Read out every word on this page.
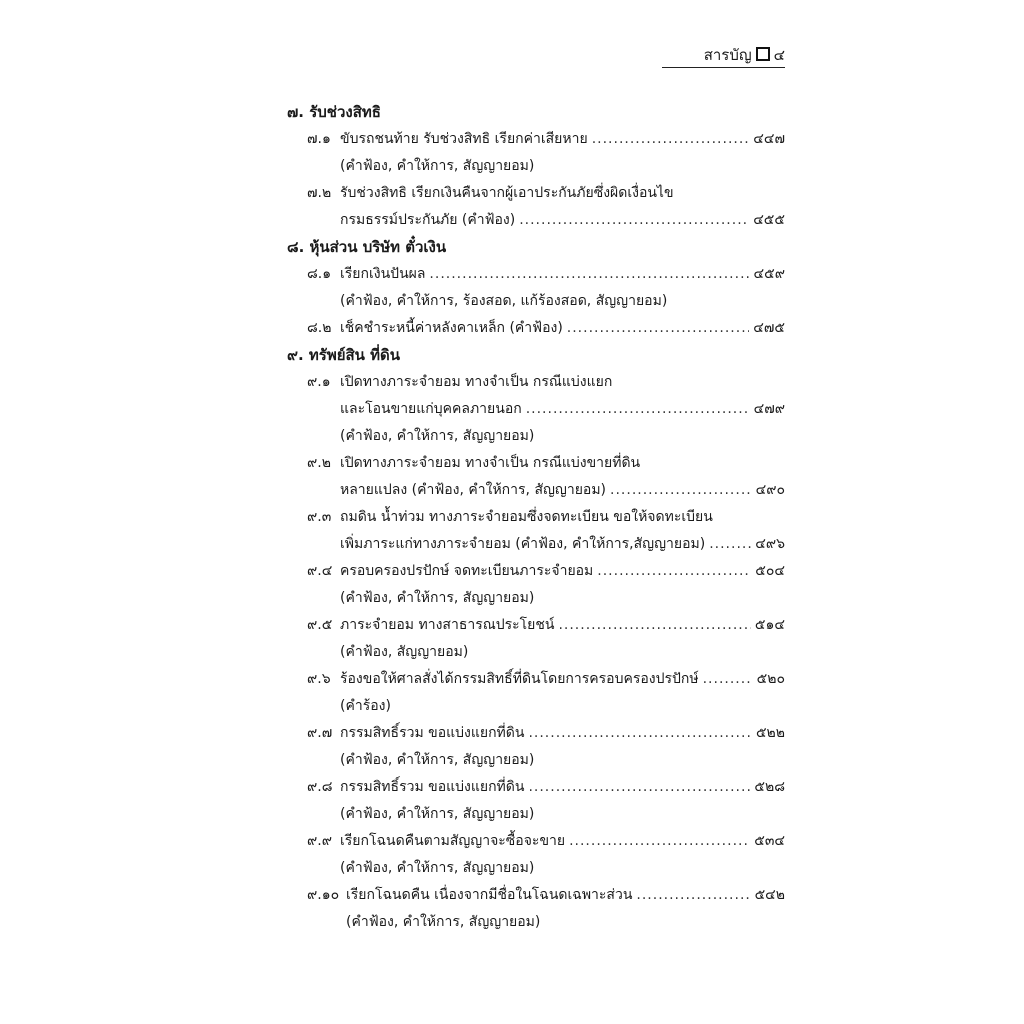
สารบัญ ๔
๗. รับช่วงสิทธิ
๗.๑ ขับรถชนท้าย รับช่วงสิทธิ เรียกค่าเสียหาย .....	๔๔๗
(คำฟ้อง, คำให้การ, สัญญายอม)
๗.๒ รับช่วงสิทธิ เรียกเงินคืนจากผู้เอาประกันภัยซึ่งผิดเงื่อนไข
กรมธรรม์ประกันภัย (คำฟ้อง) .....	๔๕๕
๘. หุ้นส่วน บริษัท ตั๋วเงิน
๘.๑ เรียกเงินปันผล .....	๔๕๙
(คำฟ้อง, คำให้การ, ร้องสอด, แก้ร้องสอด, สัญญายอม)
๘.๒ เช็คชำระหนี้ค่าหลังคาเหล็ก (คำฟ้อง) .....	๔๗๕
๙. ทรัพย์สิน ที่ดิน
๙.๑ เปิดทางภาระจำยอม ทางจำเป็น กรณีแบ่งแยก
และโอนขายแก่บุคคลภายนอก .....	๔๗๙
(คำฟ้อง, คำให้การ, สัญญายอม)
๙.๒ เปิดทางภาระจำยอม ทางจำเป็น กรณีแบ่งขายที่ดิน
หลายแปลง (คำฟ้อง, คำให้การ, สัญญายอม) .....	๔๙๐
๙.๓ ถมดิน น้ำท่วม ทางภาระจำยอมซึ่งจดทะเบียน ขอให้จดทะเบียน
เพิ่มภาระแก่ทางภาระจำยอม (คำฟ้อง, คำให้การ,สัญญายอม) .....	๔๙๖
๙.๔ ครอบครองปรปักษ์ จดทะเบียนภาระจำยอม .....	๕๐๔
(คำฟ้อง, คำให้การ, สัญญายอม)
๙.๕ ภาระจำยอม ทางสาธารณประโยชน์ .....	๕๑๔
(คำฟ้อง, สัญญายอม)
๙.๖ ร้องขอให้ศาลสั่งได้กรรมสิทธิ์ที่ดินโดยการครอบครองปรปักษ์ .....	๕๒๐
(คำร้อง)
๙.๗ กรรมสิทธิ์รวม ขอแบ่งแยกที่ดิน .....	๕๒๒
(คำฟ้อง, คำให้การ, สัญญายอม)
๙.๘ กรรมสิทธิ์รวม ขอแบ่งแยกที่ดิน .....	๕๒๘
(คำฟ้อง, คำให้การ, สัญญายอม)
๙.๙ เรียกโฉนดคืนตามสัญญาจะซื้อจะขาย .....	๕๓๔
(คำฟ้อง, คำให้การ, สัญญายอม)
๙.๑๐ เรียกโฉนดคืน เนื่องจากมีชื่อในโฉนดเฉพาะส่วน .....	๕๔๒
(คำฟ้อง, คำให้การ, สัญญายอม)
